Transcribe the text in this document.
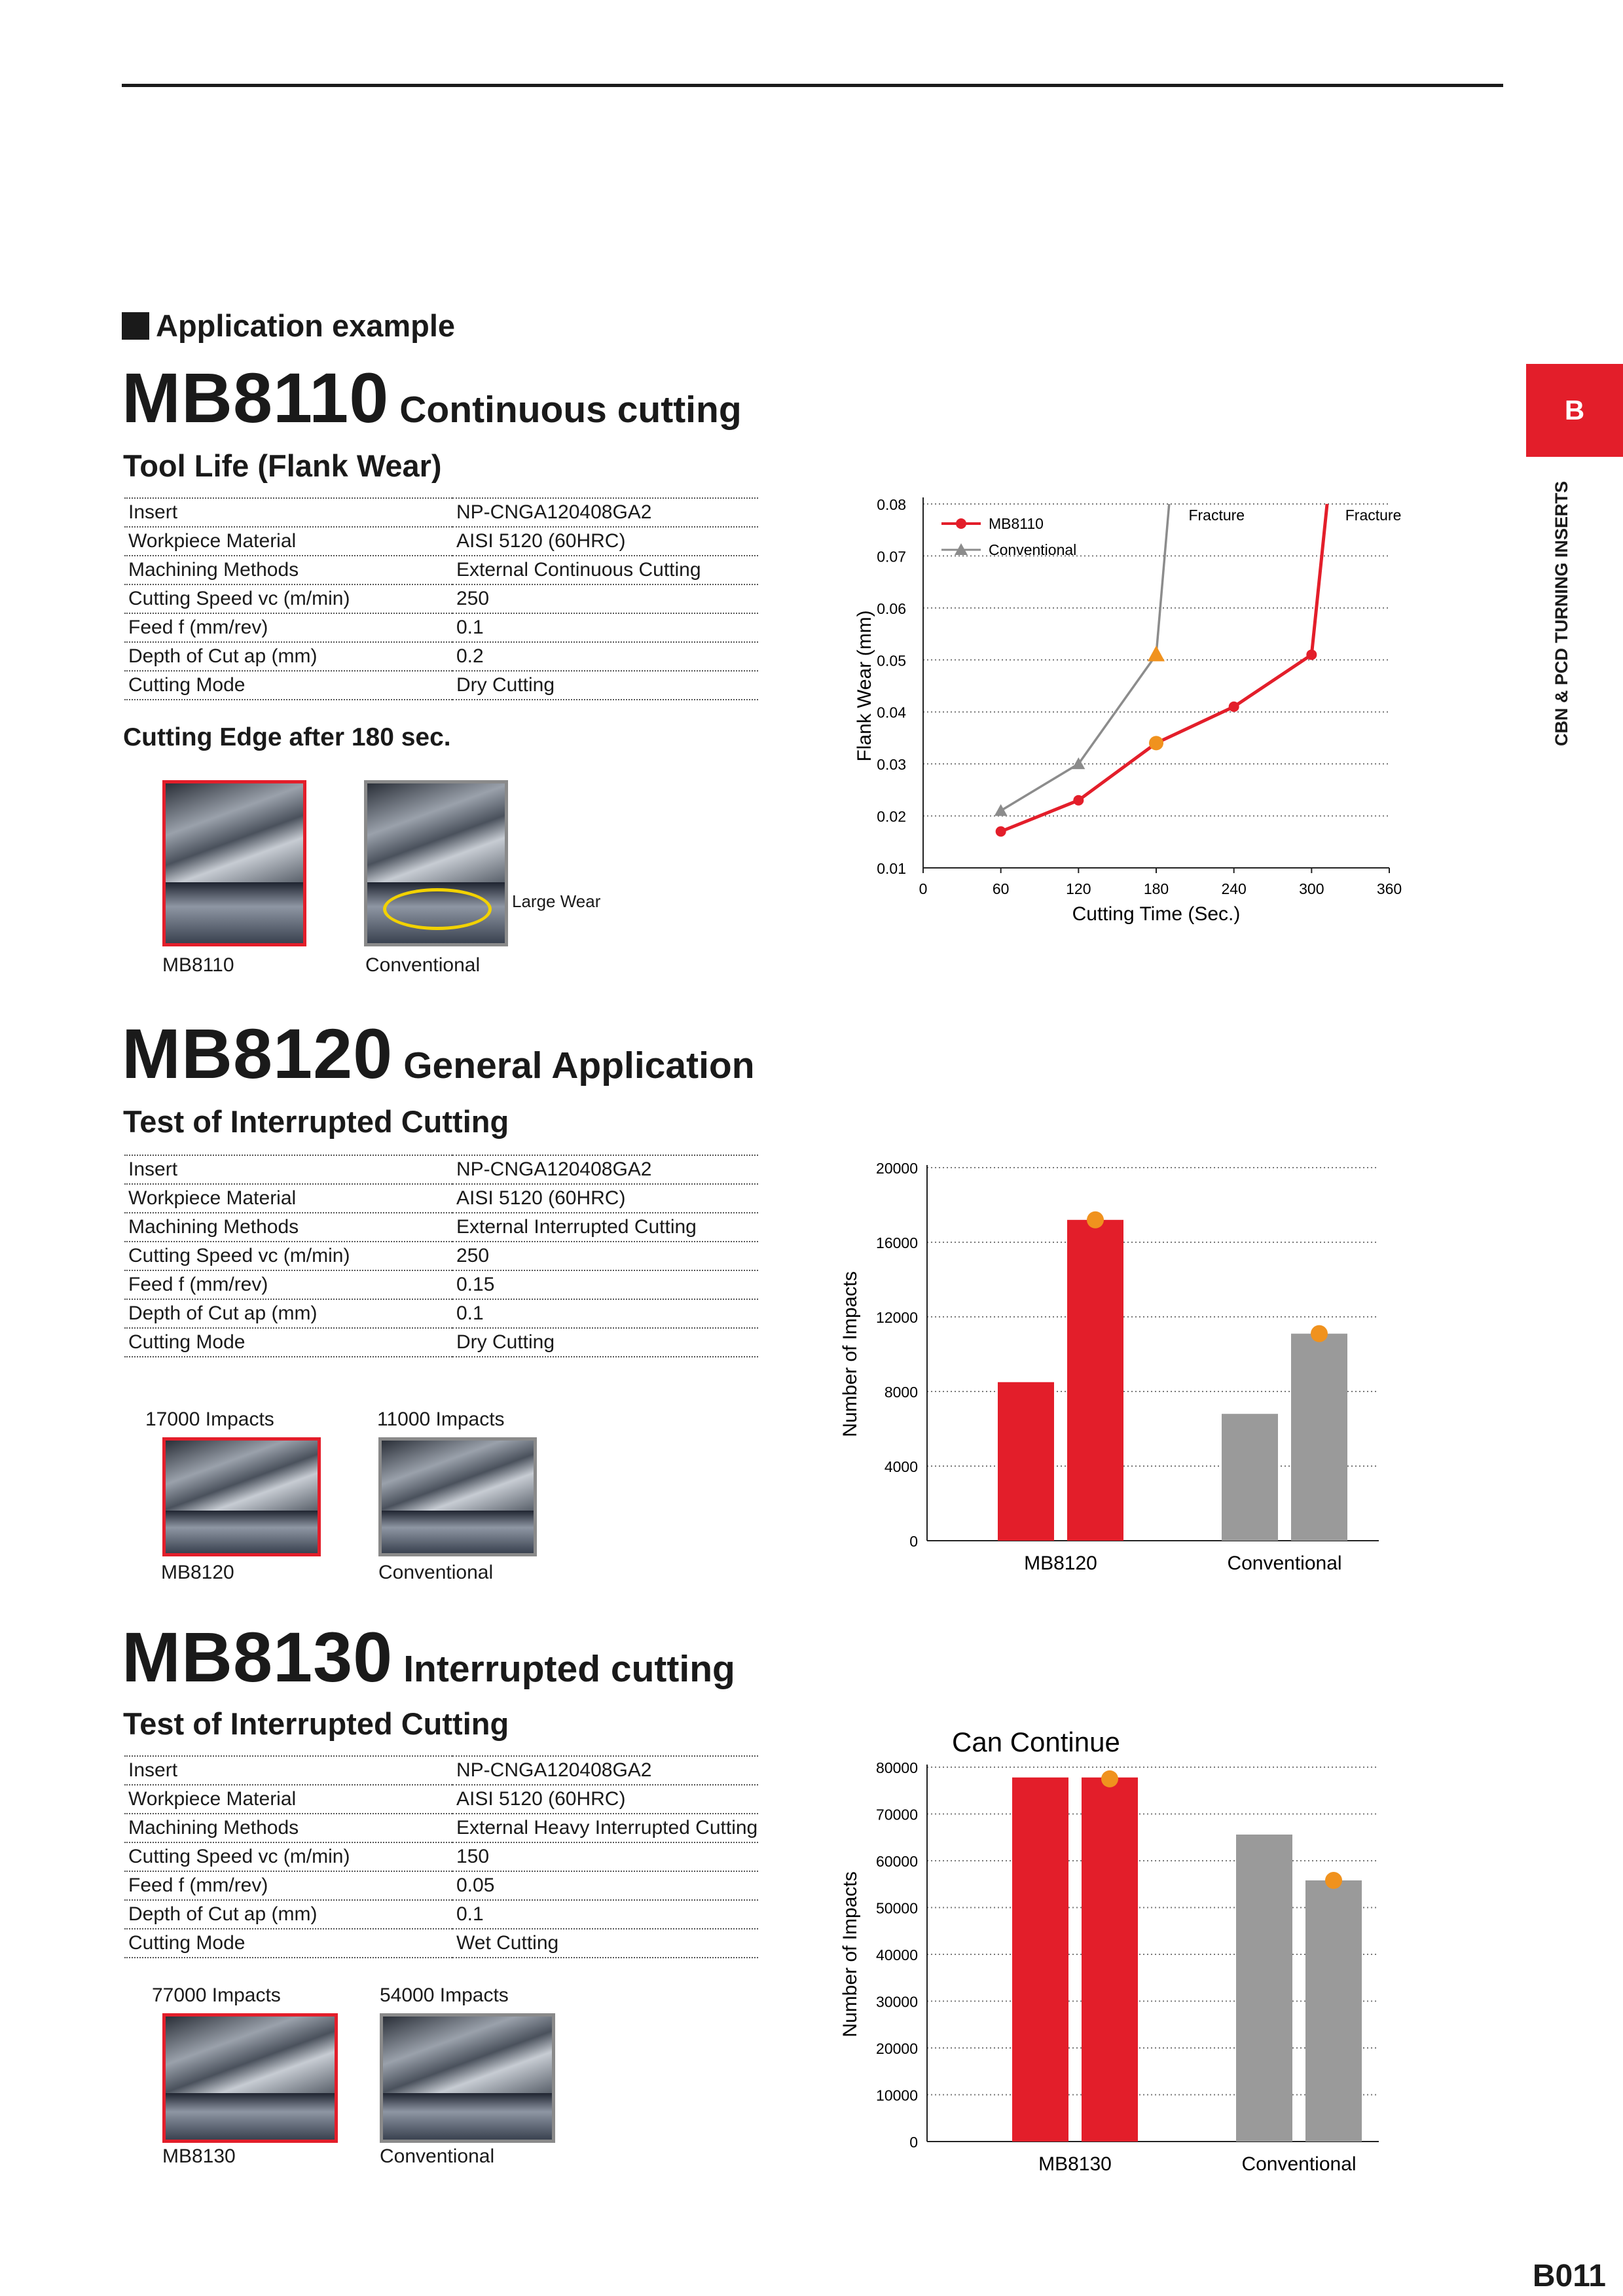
B
CBN & PCD TURNING INSERTS
Application example
MB8110 Continuous cutting
Tool Life (Flank Wear)
Insert	NP-CNGA120408GA2
Workpiece Material	AISI 5120 (60HRC)
Machining Methods	External Continuous Cutting
Cutting Speed vc (m/min)	250
Feed f (mm/rev)	0.1
Depth of Cut ap (mm)	0.2
Cutting Mode	Dry Cutting
Cutting Edge after 180 sec.
Large Wear
MB8110	Conventional
0.01
0.02
0.03
0.04
0.05
0.06
0.07
0.08
0	60	120	180	240	300	360
Cutting Time (Sec.)
Flank Wear (mm)
Fracture	Fracture
MB8110
Conventional
MB8120 General Application
Test of Interrupted Cutting
Insert	NP-CNGA120408GA2
Workpiece Material	AISI 5120 (60HRC)
Machining Methods	External Interrupted Cutting
Cutting Speed vc (m/min)	250
Feed f (mm/rev)	0.15
Depth of Cut ap (mm)	0.1
Cutting Mode	Dry Cutting
17000 Impacts	11000 Impacts
MB8120	Conventional
0
4000
8000
12000
16000
20000
Number of Impacts
MB8120	Conventional
MB8130 Interrupted cutting
Test of Interrupted Cutting
Insert	NP-CNGA120408GA2
Workpiece Material	AISI 5120 (60HRC)
Machining Methods	External Heavy Interrupted Cutting
Cutting Speed vc (m/min)	150
Feed f (mm/rev)	0.05
Depth of Cut ap (mm)	0.1
Cutting Mode	Wet Cutting
77000 Impacts	54000 Impacts
MB8130	Conventional
0
10000
20000
30000
40000
50000
60000
70000
80000
Number of Impacts
MB8130	Conventional
Can Continue
B011
